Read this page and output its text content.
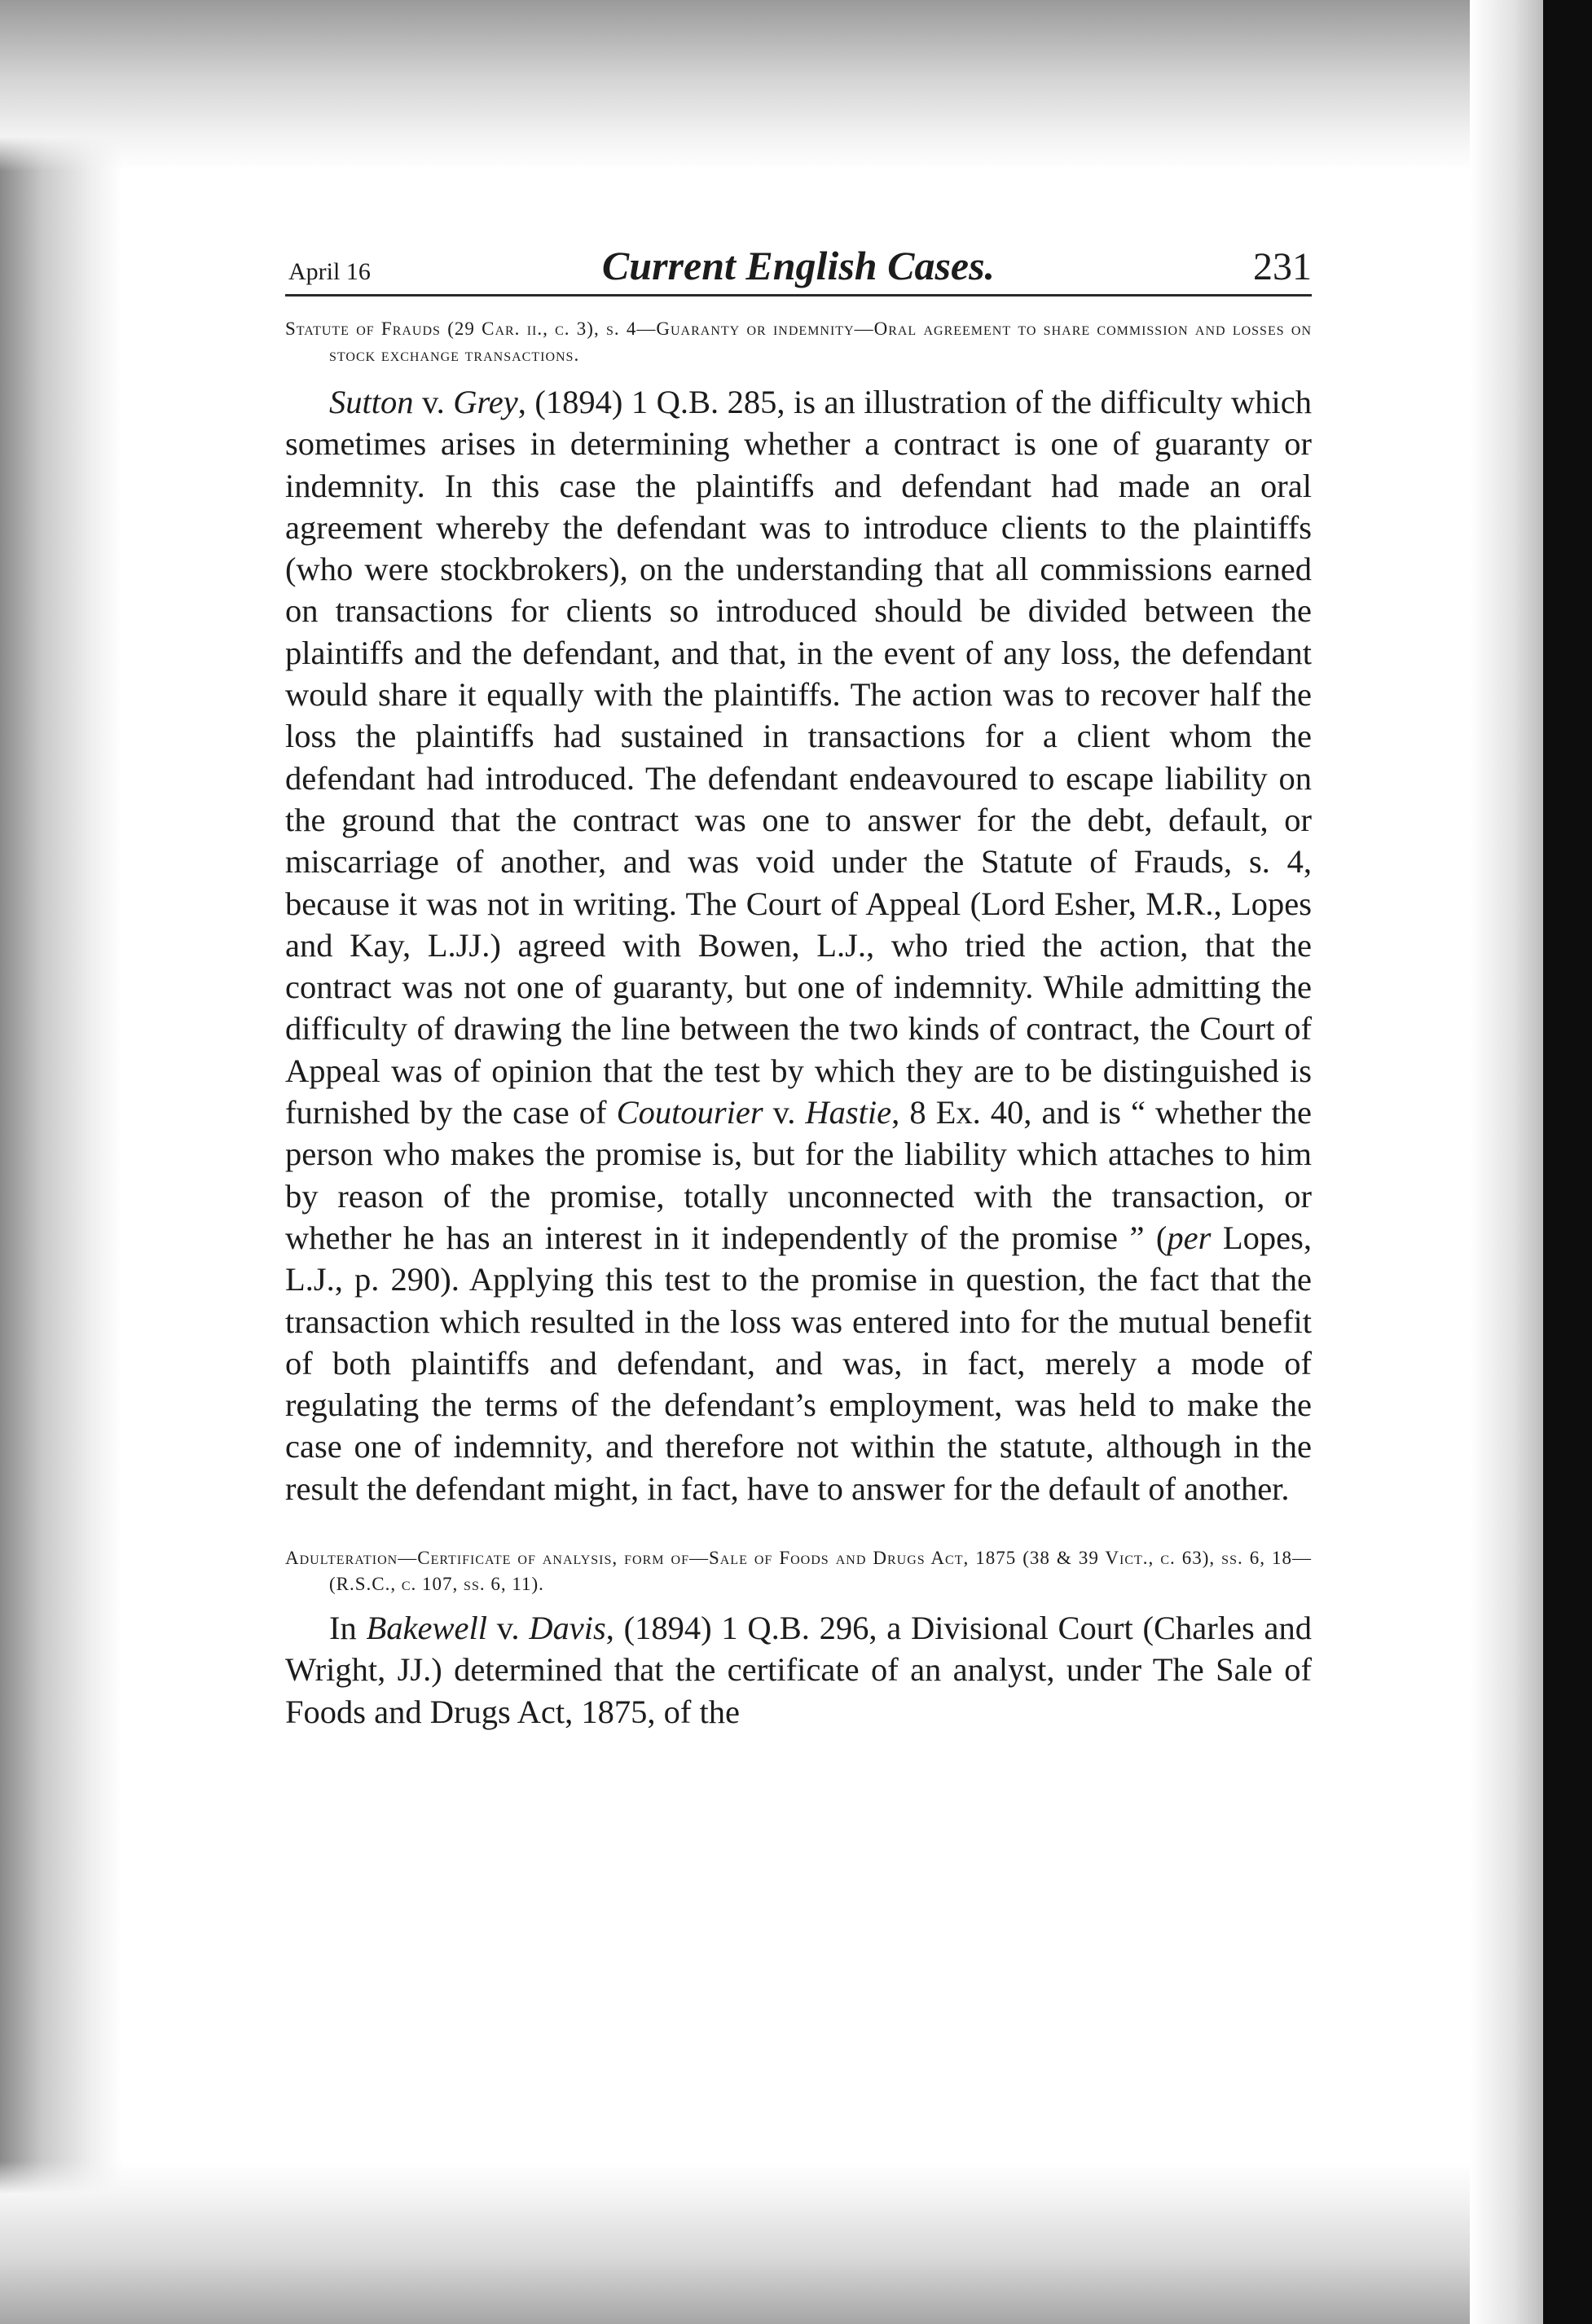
April 16	Current English Cases.	231

Statute of Frauds (29 Car. ii., c. 3), s. 4—Guaranty or indemnity—Oral agreement to share commission and losses on stock exchange transactions.

Sutton v. Grey, (1894) 1 Q.B. 285, is an illustration of the difficulty which sometimes arises in determining whether a contract is one of guaranty or indemnity. In this case the plaintiffs and defendant had made an oral agreement whereby the defendant was to introduce clients to the plaintiffs (who were stockbrokers), on the understanding that all commissions earned on transactions for clients so introduced should be divided between the plaintiffs and the defendant, and that, in the event of any loss, the defendant would share it equally with the plaintiffs. The action was to recover half the loss the plaintiffs had sustained in transactions for a client whom the defendant had introduced. The defendant endeavoured to escape liability on the ground that the contract was one to answer for the debt, default, or miscarriage of another, and was void under the Statute of Frauds, s. 4, because it was not in writing. The Court of Appeal (Lord Esher, M.R., Lopes and Kay, L.JJ.) agreed with Bowen, L.J., who tried the action, that the contract was not one of guaranty, but one of indemnity. While admitting the difficulty of drawing the line between the two kinds of contract, the Court of Appeal was of opinion that the test by which they are to be distinguished is furnished by the case of Coutourier v. Hastie, 8 Ex. 40, and is “ whether the person who makes the promise is, but for the liability which attaches to him by reason of the promise, totally unconnected with the transaction, or whether he has an interest in it independently of the promise ” (per Lopes, L.J., p. 290). Applying this test to the promise in question, the fact that the transaction which resulted in the loss was entered into for the mutual benefit of both plaintiffs and defendant, and was, in fact, merely a mode of regulating the terms of the defendant’s employment, was held to make the case one of indemnity, and therefore not within the statute, although in the result the defendant might, in fact, have to answer for the default of another.

Adulteration—Certificate of analysis, form of—Sale of Foods and Drugs Act, 1875 (38 & 39 Vict., c. 63), ss. 6, 18—(R.S.C., c. 107, ss. 6, 11).

In Bakewell v. Davis, (1894) 1 Q.B. 296, a Divisional Court (Charles and Wright, JJ.) determined that the certificate of an analyst, under The Sale of Foods and Drugs Act, 1875, of the
